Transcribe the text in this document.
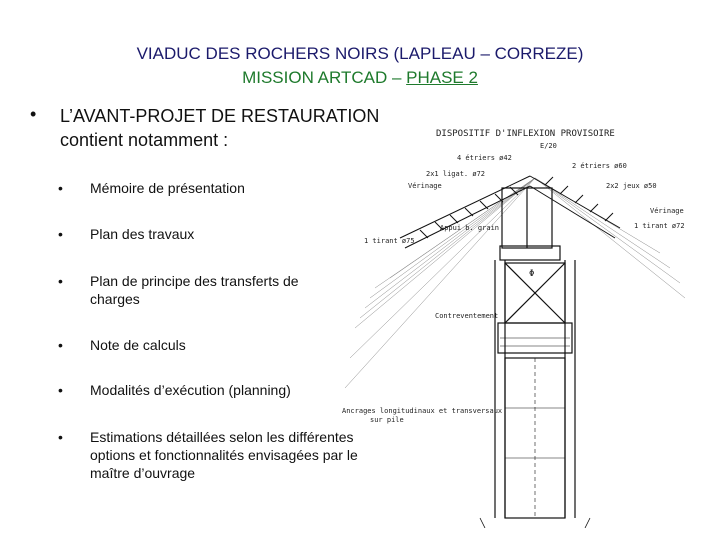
VIADUC DES ROCHERS NOIRS (LAPLEAU – CORREZE)
MISSION ARTCAD – PHASE 2
• L’AVANT-PROJET DE RESTAURATION
contient notamment :
• Mémoire de présentation
• Plan des travaux
• Plan de principe des transferts de charges
• Note de calculs
• Modalités d’exécution (planning)
• Estimations détaillées selon les différentes options et fonctionnalités envisagées par le maître d’ouvrage
DISPOSITIF D'INFLEXION PROVISOIRE
E/20
4 étriers ø42
2 étriers ø60
2x1 ligat. ø72
2x2 jeux ø50
Vérinage
Vérinage
Appui b. grain	1 tirant ø72
1 tirant ø75
Contreventement
Ancrages longitudinaux et transversaux
sur pile
Φ
